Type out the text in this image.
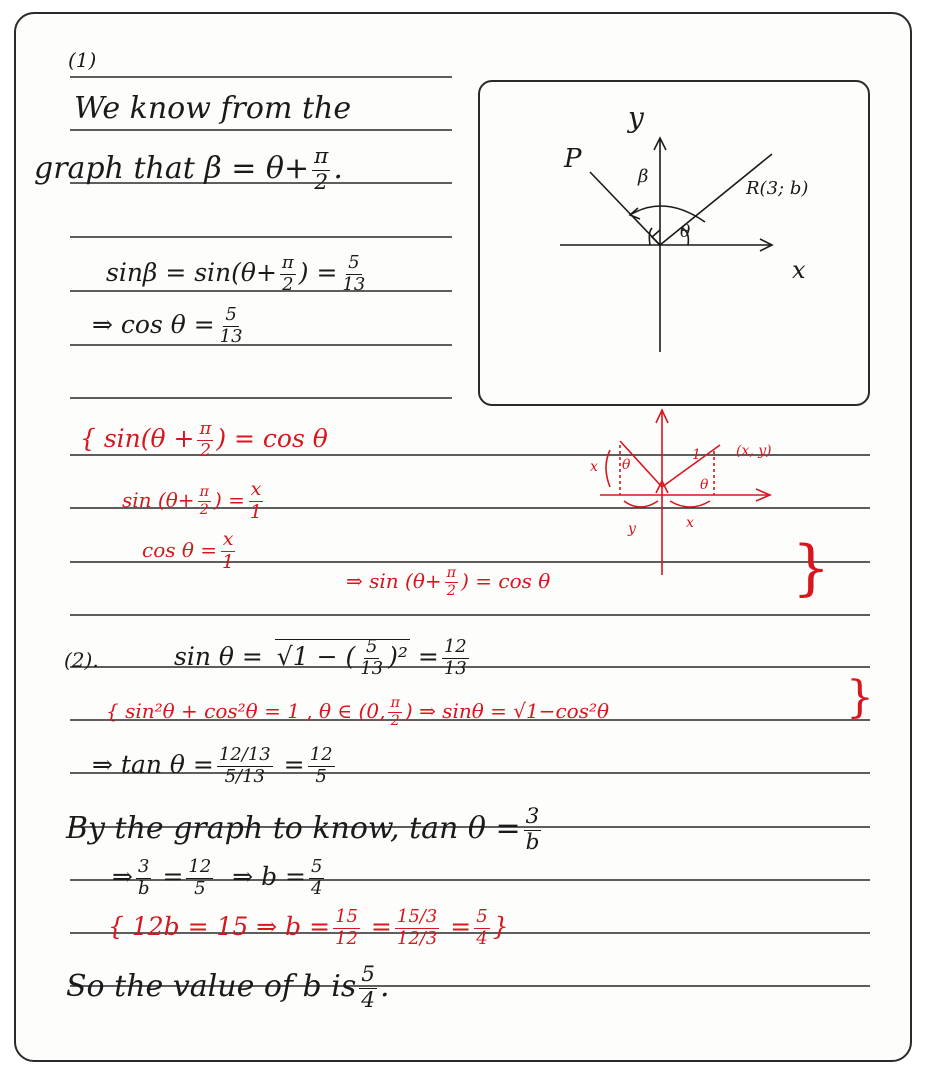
(1)
We know from the
graph that $\beta = \theta+ \frac{\pi}{2}$ .
$\sin\beta = \sin(\theta+ \frac{\pi}{2}$ ) = $\frac{5}{13}$
⇒ $\cos \theta = \frac{5}{13}$
{ $\sin(\theta + \frac{\pi}{2}$ ) = cos θ
$\sin (\theta+ \frac{\pi}{2}$ ) = $\frac{x}{1}$
$\cos \theta = \frac{x}{1}$
⇒ $\sin (\theta+ \frac{\pi}{2}$ ) = cos θ	}
y
x
P
R(3; b)
β
θ
(x, y)
x θ
θ
y	x
1
(2).	sin θ = √1 − ( $\frac{5}{13} )^2 = \frac{12}{13}$
{ sin²θ + cos²θ = 1 , θ ∈ (0, $\frac{\pi}{2}$ ) ⇒ sinθ = √1−cos²θ	}
⇒ $\tan \theta = \frac{12/13}{5/13} = \frac{12}{5}$
By the graph to know, $\tan \theta = \frac{3}{b}$
⇒ $\frac{3}{b} = \frac{12}{5}$ ⇒ $b = \frac{5}{4}$
{ 12b = 15 ⇒ $b = \frac{15}{12} = \frac{15/3}{12/3} = \frac{5}{4}$ }
So the value of b is $\frac{5}{4}$ .
